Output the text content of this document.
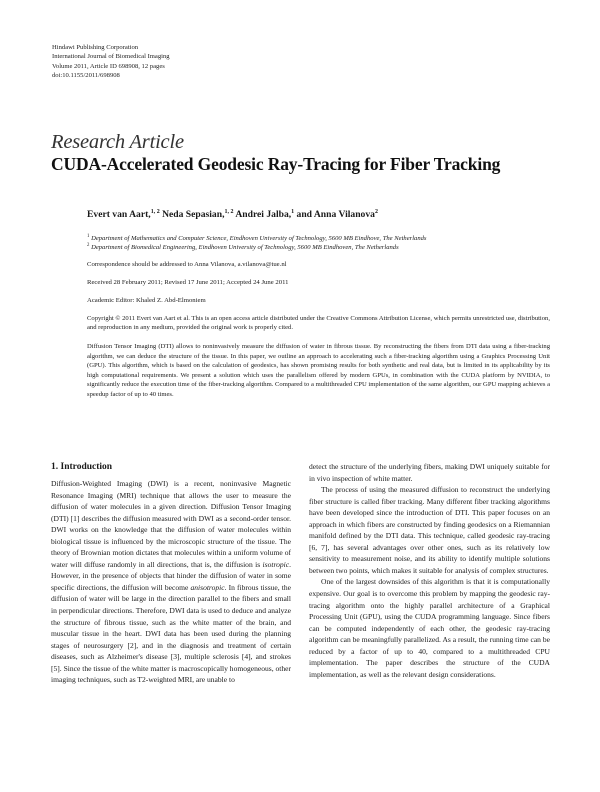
Hindawi Publishing Corporation
International Journal of Biomedical Imaging
Volume 2011, Article ID 698908, 12 pages
doi:10.1155/2011/698908
Research Article
CUDA-Accelerated Geodesic Ray-Tracing for Fiber Tracking
Evert van Aart,$^{1, 2}$ Neda Sepasian,$^{1, 2}$ Andrei Jalba,$^1$ and Anna Vilanova$^2$
$^1$ Department of Mathematics and Computer Science, Eindhoven University of Technology, 5600 MB Eindhove, The Netherlands
$^2$ Department of Biomedical Engineering, Eindhoven University of Technology, 5600 MB Eindhoven, The Netherlands
Correspondence should be addressed to Anna Vilanova, a.vilanova@tue.nl
Received 28 February 2011; Revised 17 June 2011; Accepted 24 June 2011
Academic Editor: Khaled Z. Abd-Elmoniem
Copyright © 2011 Evert van Aart et al. This is an open access article distributed under the Creative Commons Attribution License, which permits unrestricted use, distribution, and reproduction in any medium, provided the original work is properly cited.
Diffusion Tensor Imaging (DTI) allows to noninvasively measure the diffusion of water in fibrous tissue. By reconstructing the fibers from DTI data using a fiber-tracking algorithm, we can deduce the structure of the tissue. In this paper, we outline an approach to accelerating such a fiber-tracking algorithm using a Graphics Processing Unit (GPU). This algorithm, which is based on the calculation of geodesics, has shown promising results for both synthetic and real data, but is limited in its applicability by its high computational requirements. We present a solution which uses the parallelism offered by modern GPUs, in combination with the CUDA platform by NVIDIA, to significantly reduce the execution time of the fiber-tracking algorithm. Compared to a multithreaded CPU implementation of the same algorithm, our GPU mapping achieves a speedup factor of up to 40 times.
1. Introduction

Diffusion-Weighted Imaging (DWI) is a recent, noninvasive Magnetic Resonance Imaging (MRI) technique that allows the user to measure the diffusion of water molecules in a given direction. Diffusion Tensor Imaging (DTI) [1] describes the diffusion measured with DWI as a second-order tensor. DWI works on the knowledge that the diffusion of water molecules within biological tissue is influenced by the microscopic structure of the tissue. The theory of Brownian motion dictates that molecules within a uniform volume of water will diffuse randomly in all directions, that is, the diffusion is isotropic. However, in the presence of objects that hinder the diffusion of water in some specific directions, the diffusion will become anisotropic. In fibrous tissue, the diffusion of water will be large in the direction parallel to the fibers and small in perpendicular directions. Therefore, DWI data is used to deduce and analyze the structure of fibrous tissue, such as the white matter of the brain, and muscular tissue in the heart. DWI data has been used during the planning stages of neurosurgery [2], and in the diagnosis and treatment of certain diseases, such as Alzheimer's disease [3], multiple sclerosis [4], and strokes [5]. Since the tissue of the white matter is macroscopically homogeneous, other imaging techniques, such as T2-weighted MRI, are unable to

detect the structure of the underlying fibers, making DWI uniquely suitable for in vivo inspection of white matter.

The process of using the measured diffusion to reconstruct the underlying fiber structure is called fiber tracking. Many different fiber tracking algorithms have been developed since the introduction of DTI. This paper focuses on an approach in which fibers are constructed by finding geodesics on a Riemannian manifold defined by the DTI data. This technique, called geodesic ray-tracing [6, 7], has several advantages over other ones, such as its relatively low sensitivity to measurement noise, and its ability to identify multiple solutions between two points, which makes it suitable for analysis of complex structures.

One of the largest downsides of this algorithm is that it is computationally expensive. Our goal is to overcome this problem by mapping the geodesic ray-tracing algorithm onto the highly parallel architecture of a Graphical Processing Unit (GPU), using the CUDA programming language. Since fibers can be computed independently of each other, the geodesic ray-tracing algorithm can be meaningfully parallelized. As a result, the running time can be reduced by a factor of up to 40, compared to a multithreaded CPU implementation. The paper describes the structure of the CUDA implementation, as well as the relevant design considerations.
